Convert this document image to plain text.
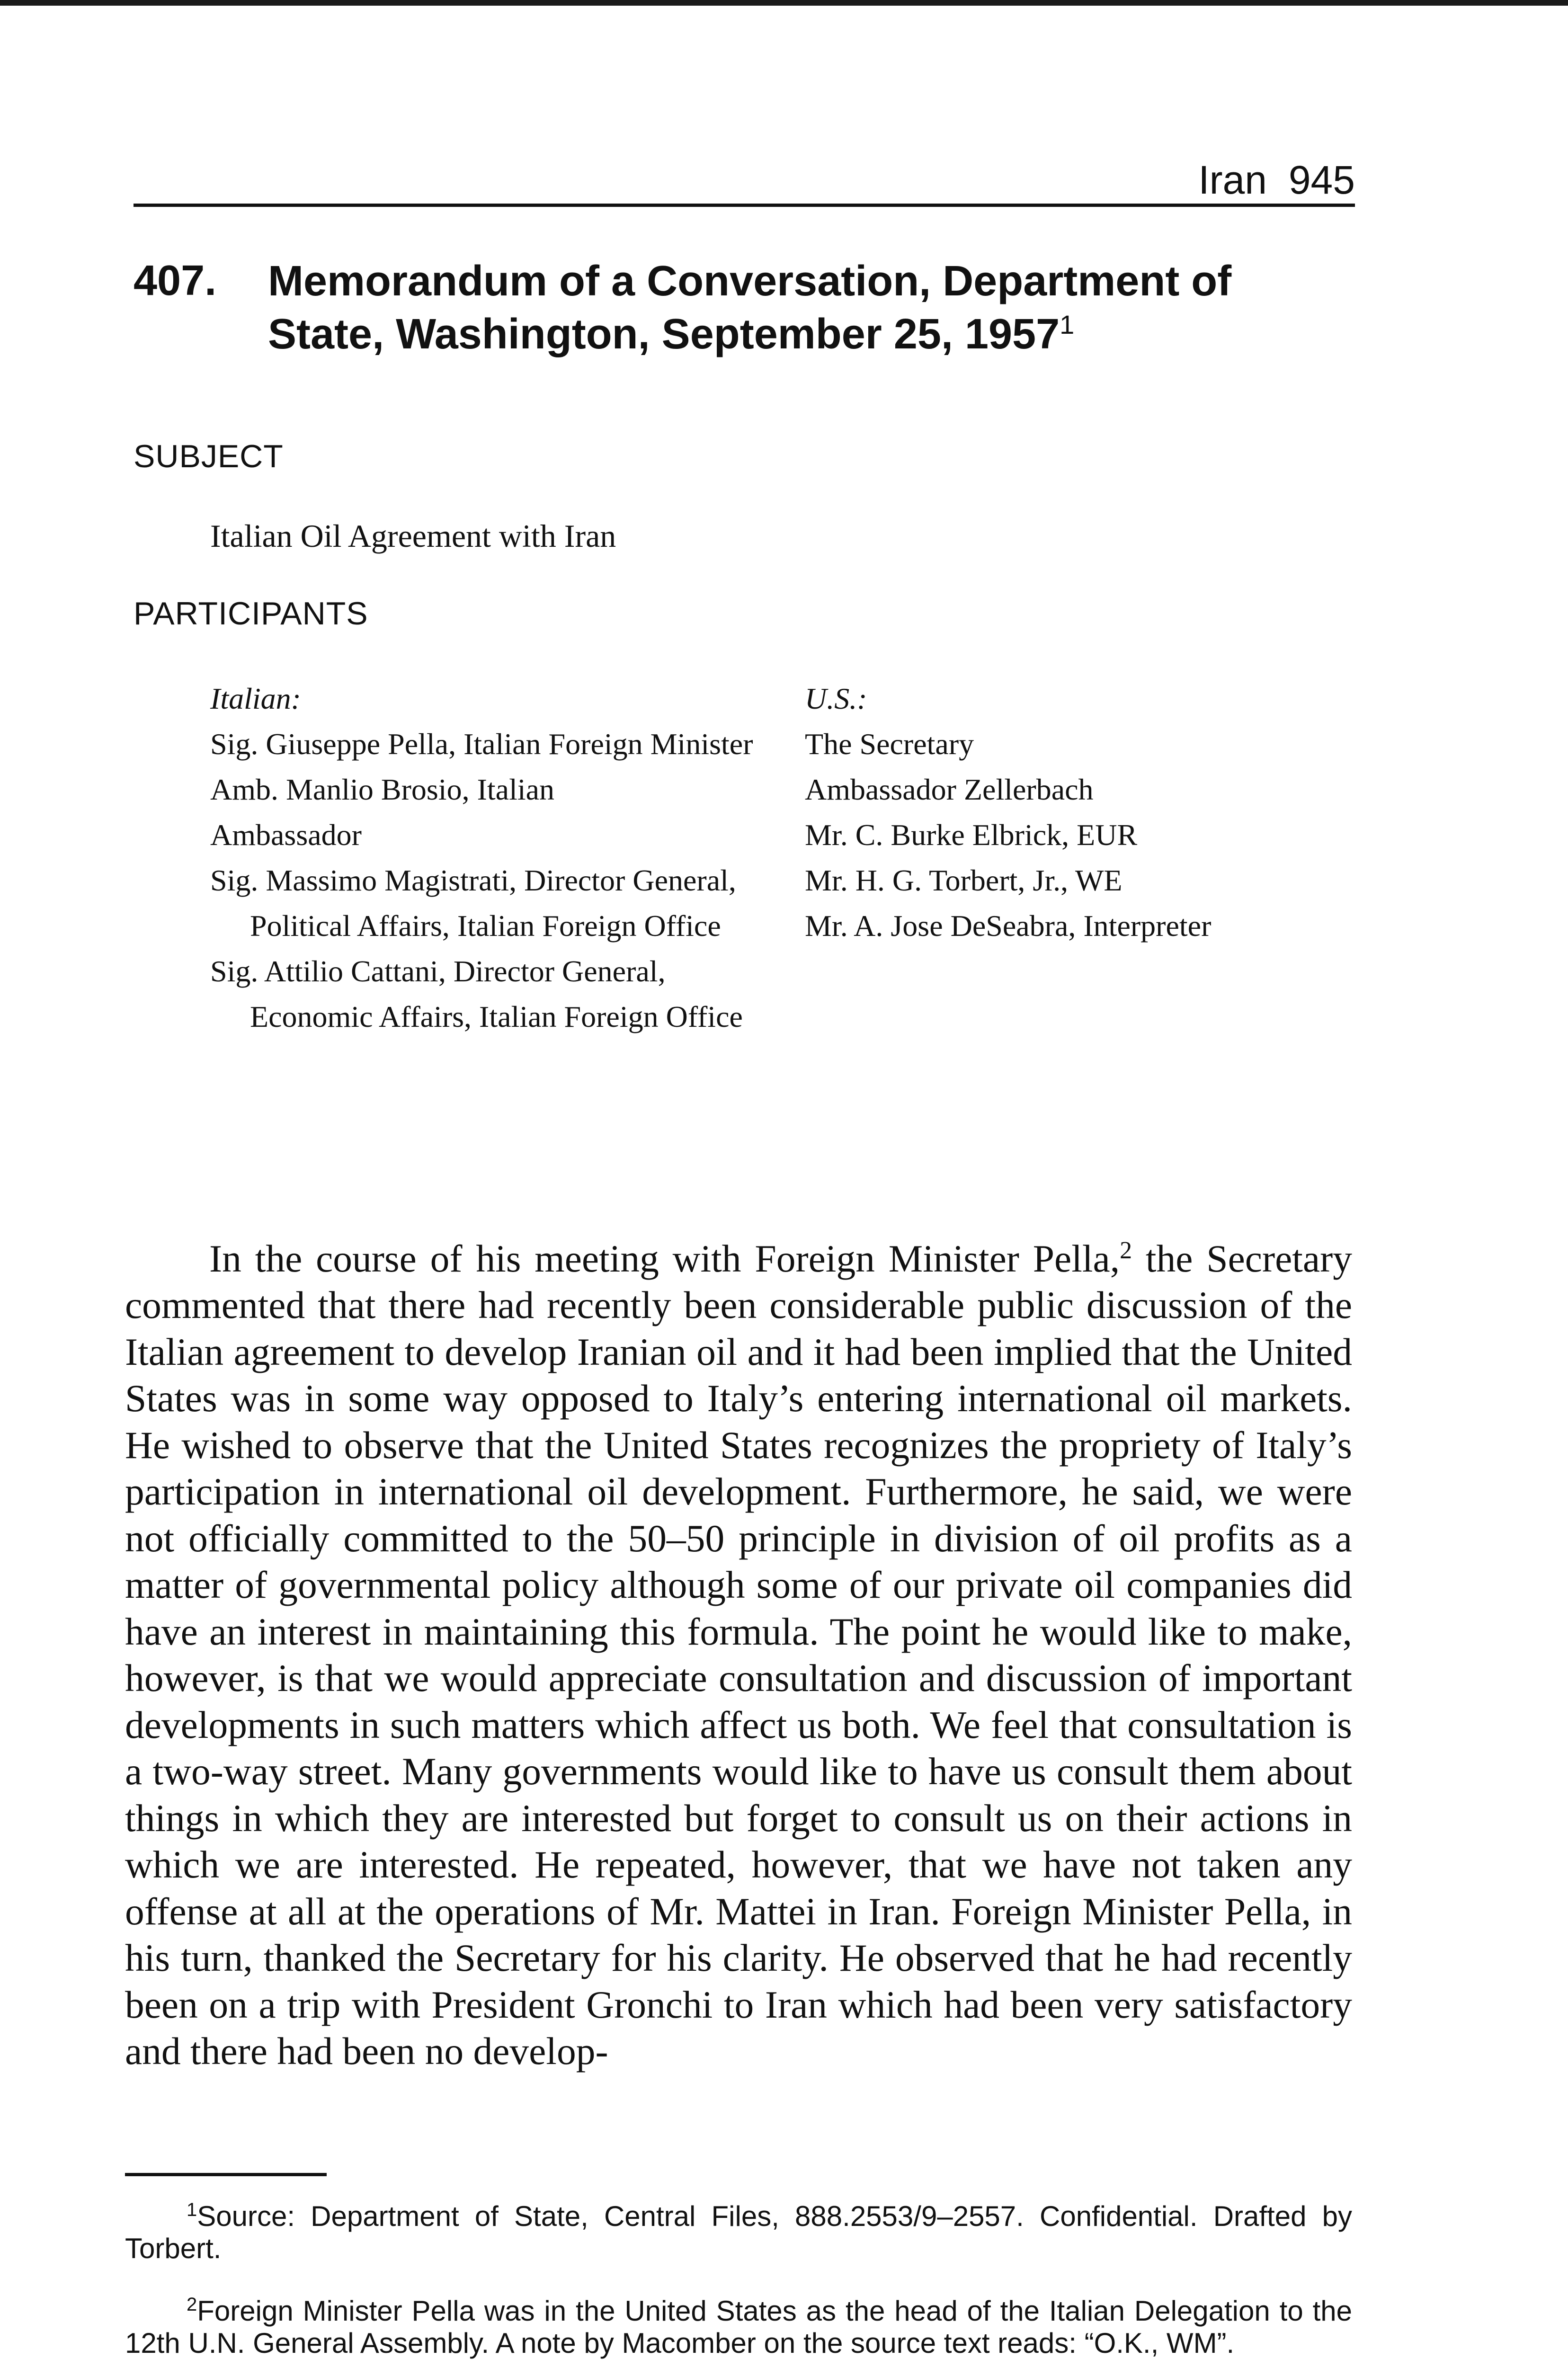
Iran 945
407. Memorandum of a Conversation, Department of State, Washington, September 25, 1957$^1$
SUBJECT
Italian Oil Agreement with Iran
PARTICIPANTS
Italian:
Sig. Giuseppe Pella, Italian Foreign Minister
Amb. Manlio Brosio, Italian
Ambassador
Sig. Massimo Magistrati, Director General, Political Affairs, Italian Foreign Office
Sig. Attilio Cattani, Director General, Economic Affairs, Italian Foreign Office
U.S.:
The Secretary
Ambassador Zellerbach
Mr. C. Burke Elbrick, EUR
Mr. H. G. Torbert, Jr., WE
Mr. A. Jose DeSeabra, Interpreter

In the course of his meeting with Foreign Minister Pella,$^2$ the Secretary commented that there had recently been considerable public discussion of the Italian agreement to develop Iranian oil and it had been implied that the United States was in some way opposed to Italy’s entering international oil markets. He wished to observe that the United States recognizes the propriety of Italy’s participation in international oil development. Furthermore, he said, we were not officially committed to the 50–50 principle in division of oil profits as a matter of governmental policy although some of our private oil companies did have an interest in maintaining this formula. The point he would like to make, however, is that we would appreciate consultation and discussion of important developments in such matters which affect us both. We feel that consultation is a two-way street. Many governments would like to have us consult them about things in which they are interested but forget to consult us on their actions in which we are interested. He repeated, however, that we have not taken any offense at all at the operations of Mr. Mattei in Iran. Foreign Minister Pella, in his turn, thanked the Secretary for his clarity. He observed that he had recently been on a trip with President Gronchi to Iran which had been very satisfactory and there had been no develop-

$^1$Source: Department of State, Central Files, 888.2553/9–2557. Confidential. Drafted by Torbert.
$^2$Foreign Minister Pella was in the United States as the head of the Italian Delegation to the 12th U.N. General Assembly. A note by Macomber on the source text reads: “O.K., WM”.
